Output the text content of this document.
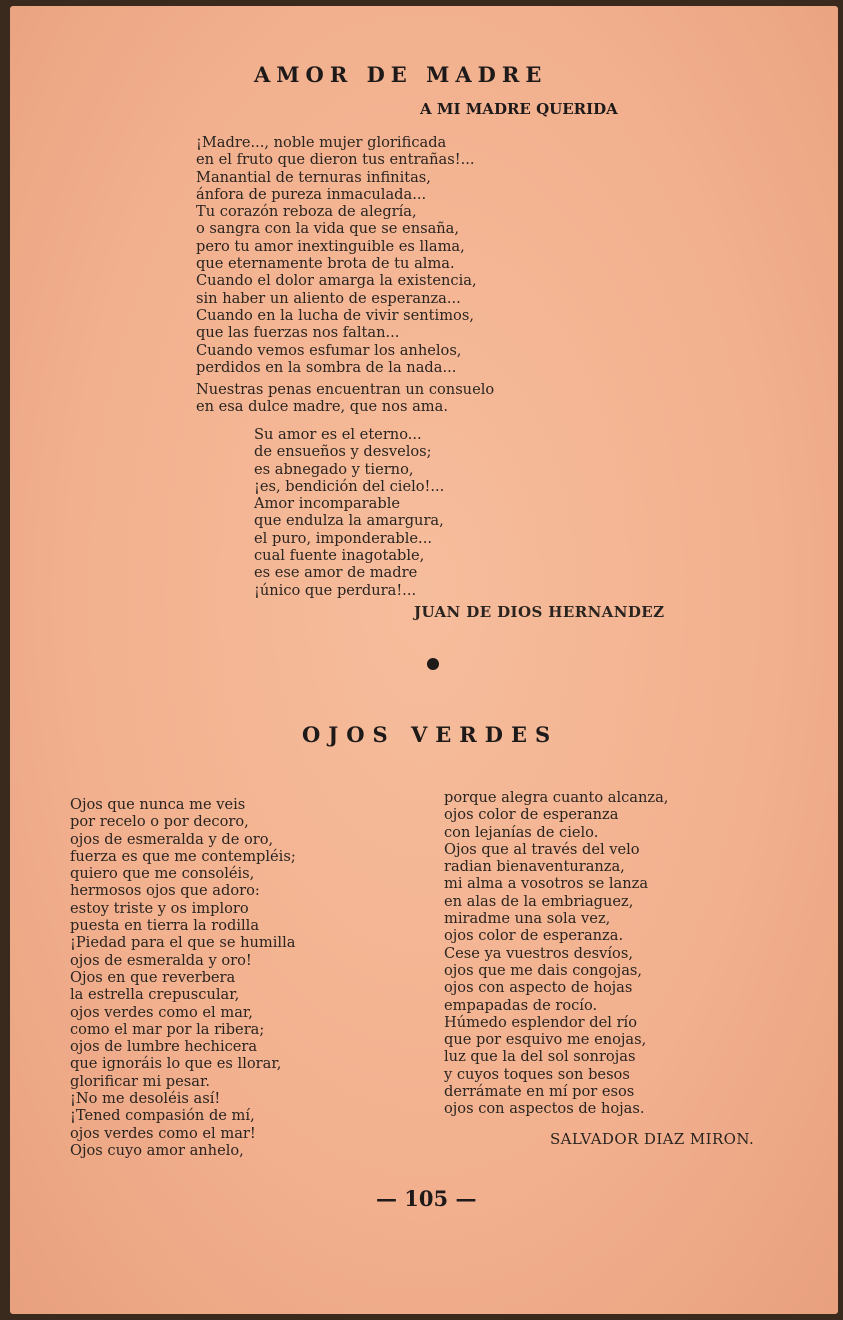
AMOR DE MADRE
A MI MADRE QUERIDA
¡Madre..., noble mujer glorificada
en el fruto que dieron tus entrañas!...
Manantial de ternuras infinitas,
ánfora de pureza inmaculada...
Tu corazón reboza de alegría,
o sangra con la vida que se ensaña,
pero tu amor inextinguible es llama,
que eternamente brota de tu alma.
Cuando el dolor amarga la existencia,
sin haber un aliento de esperanza...
Cuando en la lucha de vivir sentimos,
que las fuerzas nos faltan...
Cuando vemos esfumar los anhelos,
perdidos en la sombra de la nada...
Nuestras penas encuentran un consuelo
en esa dulce madre, que nos ama.
Su amor es el eterno...
de ensueños y desvelos;
es abnegado y tierno,
¡es, bendición del cielo!...
Amor incomparable
que endulza la amargura,
el puro, imponderable...
cual fuente inagotable,
es ese amor de madre
¡único que perdura!...
JUAN DE DIOS HERNANDEZ
OJOS VERDES
Ojos que nunca me veis
por recelo o por decoro,
ojos de esmeralda y de oro,
fuerza es que me contempléis;
quiero que me consoléis,
hermosos ojos que adoro:
estoy triste y os imploro
puesta en tierra la rodilla
¡Piedad para el que se humilla
ojos de esmeralda y oro!
Ojos en que reverbera
la estrella crepuscular,
ojos verdes como el mar,
como el mar por la ribera;
ojos de lumbre hechicera
que ignoráis lo que es llorar,
glorificar mi pesar.
¡No me desoléis así!
¡Tened compasión de mí,
ojos verdes como el mar!
Ojos cuyo amor anhelo,
porque alegra cuanto alcanza,
ojos color de esperanza
con lejanías de cielo.
Ojos que al través del velo
radian bienaventuranza,
mi alma a vosotros se lanza
en alas de la embriaguez,
miradme una sola vez,
ojos color de esperanza.
Cese ya vuestros desvíos,
ojos que me dais congojas,
ojos con aspecto de hojas
empapadas de rocío.
Húmedo esplendor del río
que por esquivo me enojas,
luz que la del sol sonrojas
y cuyos toques son besos
derrámate en mí por esos
ojos con aspectos de hojas.
SALVADOR DIAZ MIRON.
— 105 —
